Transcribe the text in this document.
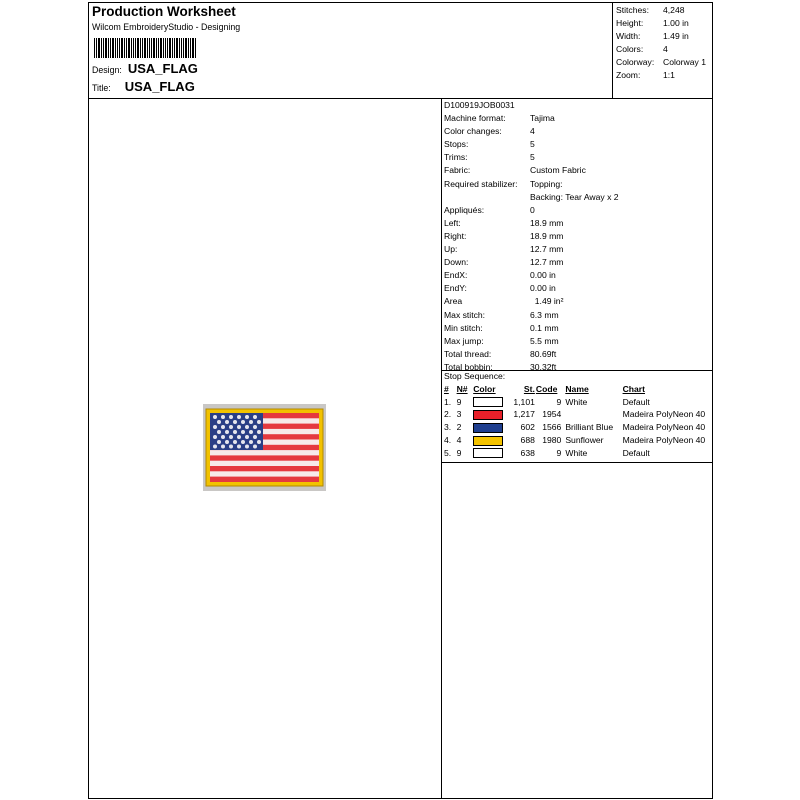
Production Worksheet
Wilcom EmbroideryStudio - Designing
Design: USA_FLAG
Title: USA_FLAG
Stitches:	4,248
Height:	1.00 in
Width:	1.49 in
Colors:	4
Colorway:	Colorway 1
Zoom:	1:1
D100919JOB0031
Machine format:	Tajima
Color changes:	4
Stops:	5
Trims:	5
Fabric:	Custom Fabric
Required stabilizer:	Topping:
Backing: Tear Away x 2
Appliqués:	0
Left:	18.9 mm
Right:	18.9 mm
Up:	12.7 mm
Down:	12.7 mm
EndX:	0.00 in
EndY:	0.00 in
Area	1.49 in²
Max stitch:	6.3 mm
Min stitch:	0.1 mm
Max jump:	5.5 mm
Total thread:	80.69ft
Total bobbin:	30.32ft
Stop Sequence:
#	N#	Color	St.	Code	Name	Chart
1.	9		1,101	9	White	Default
2.	3		1,217	1954		Madeira PolyNeon 40
3.	2		602	1566	Brilliant Blue	Madeira PolyNeon 40
4.	4		688	1980	Sunflower	Madeira PolyNeon 40
5.	9		638	9	White	Default
